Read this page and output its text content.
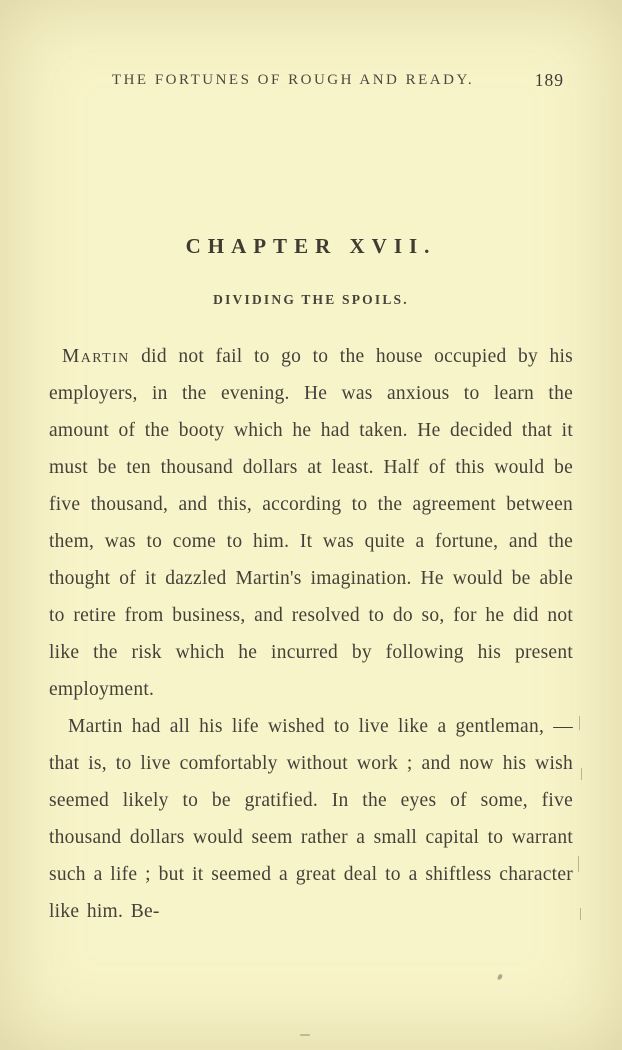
THE FORTUNES OF ROUGH AND READY.	189
CHAPTER XVII.
DIVIDING THE SPOILS.

Martin did not fail to go to the house occupied by his employers, in the evening. He was anxious to learn the amount of the booty which he had taken. He decided that it must be ten thousand dollars at least. Half of this would be five thousand, and this, according to the agreement between them, was to come to him. It was quite a fortune, and the thought of it dazzled Martin's imagination. He would be able to retire from business, and resolved to do so, for he did not like the risk which he incurred by following his present employment.

Martin had all his life wished to live like a gentleman, — that is, to live comfortably without work ; and now his wish seemed likely to be gratified. In the eyes of some, five thousand dollars would seem rather a small capital to warrant such a life ; but it seemed a great deal to a shiftless character like him. Be-
